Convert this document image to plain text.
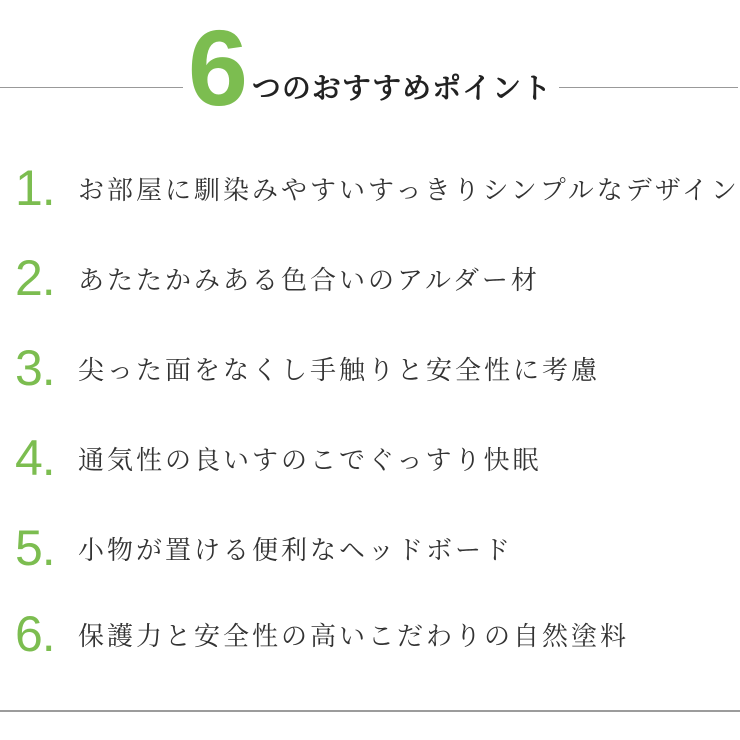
6 つのおすすめポイント
1. お部屋に馴染みやすいすっきりシンプルなデザイン
2. あたたかみある色合いのアルダー材
3. 尖った面をなくし手触りと安全性に考慮
4. 通気性の良いすのこでぐっすり快眠
5. 小物が置ける便利なヘッドボード
6. 保護力と安全性の高いこだわりの自然塗料
